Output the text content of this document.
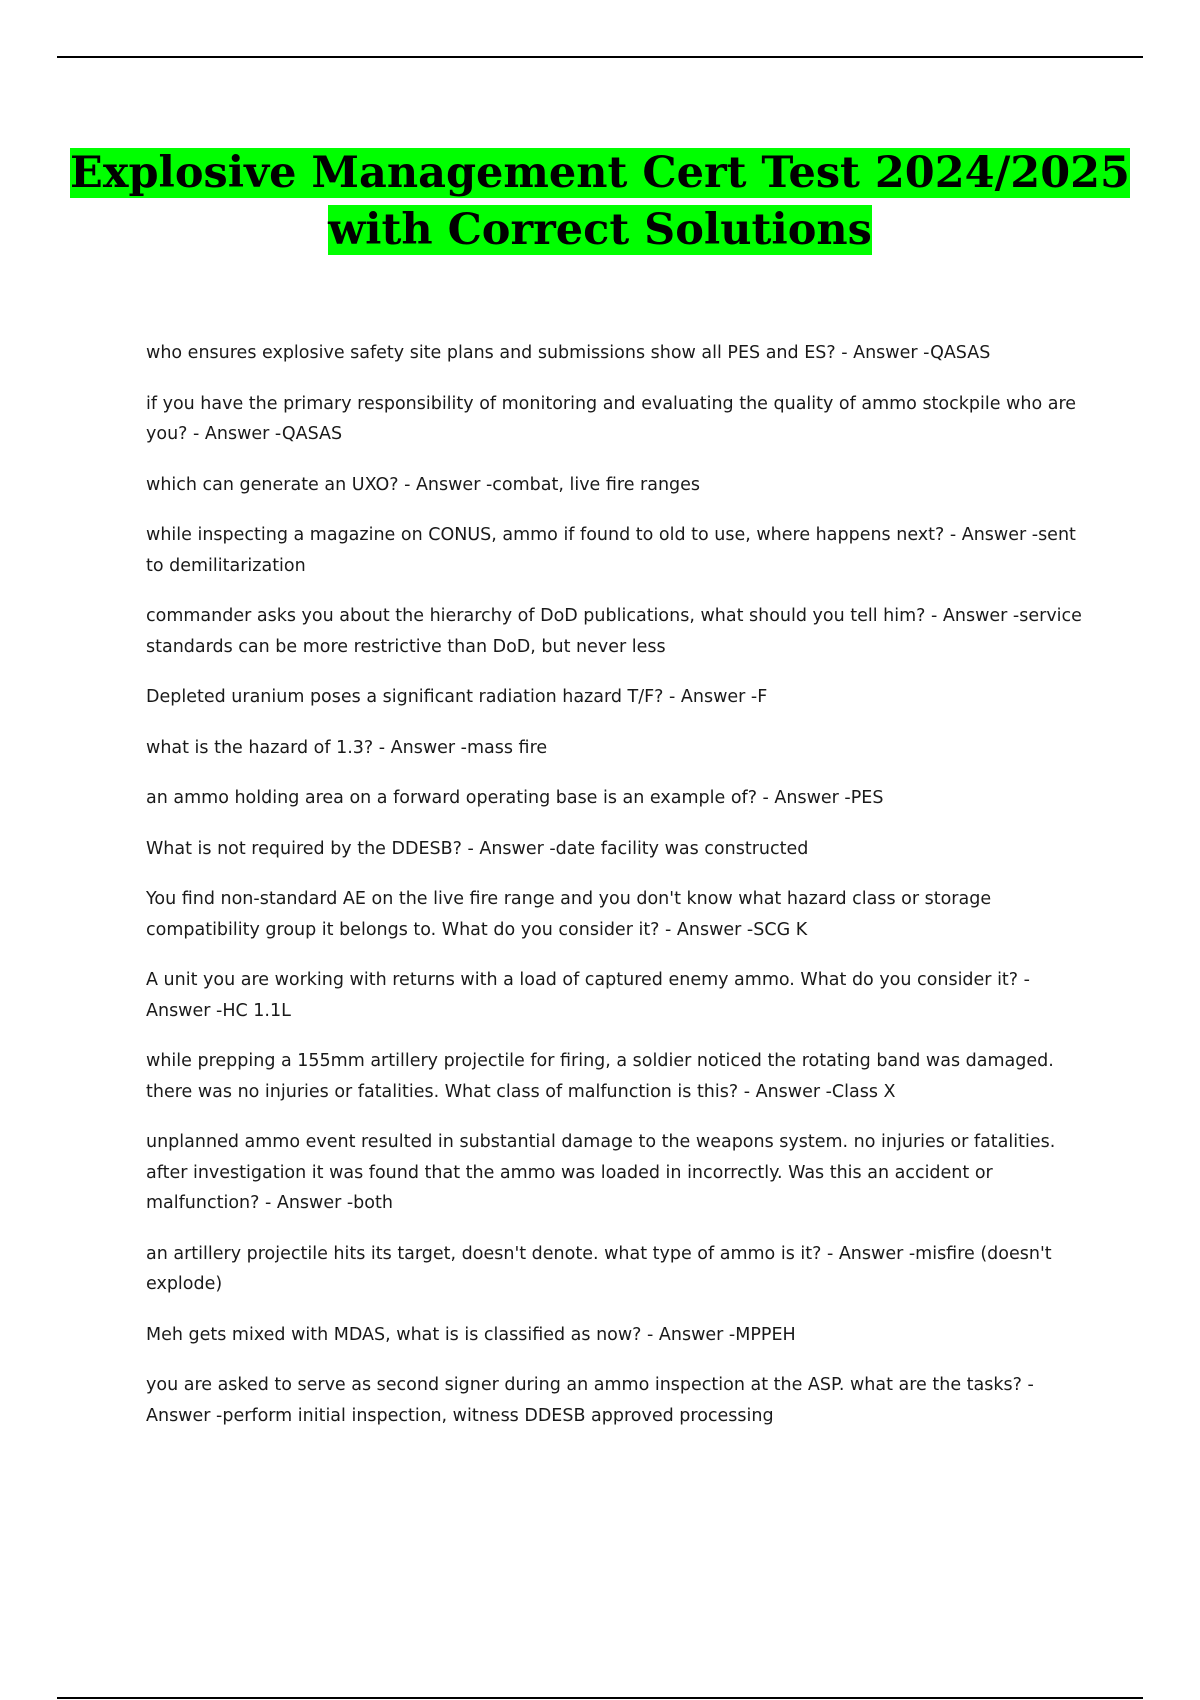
Explosive Management Cert Test 2024/2025
with Correct Solutions
who ensures explosive safety site plans and submissions show all PES and ES? - Answer -QASAS
if you have the primary responsibility of monitoring and evaluating the quality of ammo stockpile who are you? - Answer -QASAS
which can generate an UXO? - Answer -combat, live fire ranges
while inspecting a magazine on CONUS, ammo if found to old to use, where happens next? - Answer -sent to demilitarization
commander asks you about the hierarchy of DoD publications, what should you tell him? - Answer -service standards can be more restrictive than DoD, but never less
Depleted uranium poses a significant radiation hazard T/F? - Answer -F
what is the hazard of 1.3? - Answer -mass fire
an ammo holding area on a forward operating base is an example of? - Answer -PES
What is not required by the DDESB? - Answer -date facility was constructed
You find non-standard AE on the live fire range and you don't know what hazard class or storage compatibility group it belongs to. What do you consider it? - Answer -SCG K
A unit you are working with returns with a load of captured enemy ammo. What do you consider it? - Answer -HC 1.1L
while prepping a 155mm artillery projectile for firing, a soldier noticed the rotating band was damaged. there was no injuries or fatalities. What class of malfunction is this? - Answer -Class X
unplanned ammo event resulted in substantial damage to the weapons system. no injuries or fatalities. after investigation it was found that the ammo was loaded in incorrectly. Was this an accident or malfunction? - Answer -both
an artillery projectile hits its target, doesn't denote. what type of ammo is it? - Answer -misfire (doesn't explode)
Meh gets mixed with MDAS, what is is classified as now? - Answer -MPPEH
you are asked to serve as second signer during an ammo inspection at the ASP. what are the tasks? - Answer -perform initial inspection, witness DDESB approved processing
